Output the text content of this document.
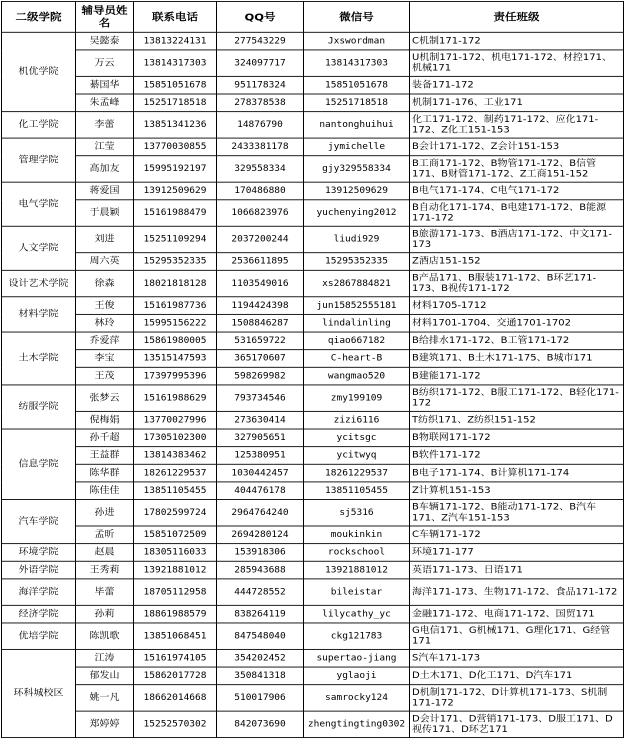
二级学院	辅导员姓名	联系电话	QQ号	微信号	责任班级
机优学院	吴懿泰	13813224131	277543229	Jxswordman	C机制171-172
	万云	13814317303	324097717	13814317303	U机制171-172、机电171-172、材控171、机械171
	綦国华	15851051678	951178324	15851051678	装备171-172
	朱孟峰	15251718518	278378538	15251718518	机制171-176、工业171
化工学院	李蕾	13851341236	14876790	nantonghuihui	化工171-172、制药171-172、应化171-172、Z化工151-153
管理学院	江莹	13770030855	2433381178	jymichelle	B会计171-172、Z会计151-153
	高加友	15995192197	329558334	gjy329558334	B工商171-172、B物管171-172、B信管171、B财管171-172、Z工商151-152
电气学院	蒋爱国	13912509629	170486880	13912509629	B电气171-174、C电气171-172
	于晨颖	15161988479	1066823976	yuchenying2012	B自动化171-174、B电建171-172、B能源171-172
人文学院	刘进	15251109294	2037200244	liudi929	B旅游171-173、B酒店171-172、中文171-173
	周六英	15295352335	2536611895	15295352335	Z酒店151-152
设计艺术学院	徐森	18021818128	1103549016	xs2867884821	B产品171、B服装171-172、B环艺171-173、B视传171-172
材料学院	王俊	15161987736	1194424398	jun15852555181	材料1705-1712
	林玲	15995156222	1508846287	lindalinling	材料1701-1704、交通1701-1702
土木学院	乔爱萍	15861980005	531659722	qiao667182	B给排水171-172、B工管171-172
	李宝	13515147593	365170607	C-heart-B	B建筑171、B土木171-175、B城市171
	王茂	17397995396	598269982	wangmao520	B建能171-172
纺服学院	张梦云	15161988629	793734546	zmy199109	B纺织171-172、B服工171-172、B轻化171-172
	倪梅娟	13770027996	273630414	zizi6116	T纺织171、Z纺织151-152
信息学院	孙千超	17305102300	327905651	ycitsgc	B物联网171-172
	王益群	13814383462	125380951	ycitwyq	B软件171-172
	陈华群	18261229537	1030442457	18261229537	B电子171-174、B计算机171-174
	陈佳佳	13851105455	404476178	13851105455	Z计算机151-153
汽车学院	孙进	17802599724	2964764240	sj5316	B车辆171-172、B能动171-172、B汽车171、Z汽车151-153
	孟昕	15851072509	2694280124	moukinkin	C车辆171-172
环境学院	赵晨	18305116033	153918306	rockschool	环境171-177
外语学院	王秀莉	13921881012	285943688	13921881012	英语171-173、日语171
海洋学院	毕蕾	18705112958	444728552	bileistar	海洋171-173、生物171-172、食品171-172
经济学院	孙莉	18861988579	838264119	lilycathy_yc	金融171-172、电商171-172、国贸171
优培学院	陈凯歌	13851068451	847548040	ckg121783	G电信171、G机械171、G理化171、G经管171
环科城校区	江涛	15161974105	354202452	supertao-jiang	S汽车171-173
	郁发山	15862017728	350841318	yglaoji	D土木171、D化工171、D汽车171
	姚一凡	18662014668	510017906	samrocky124	D机制171-172、D计算机171-173、S机制171-172
	郑婷婷	15252570302	842073690	zhengtingting0302	D会计171、D营销171-173、D服工171、D视传171、D环艺171
